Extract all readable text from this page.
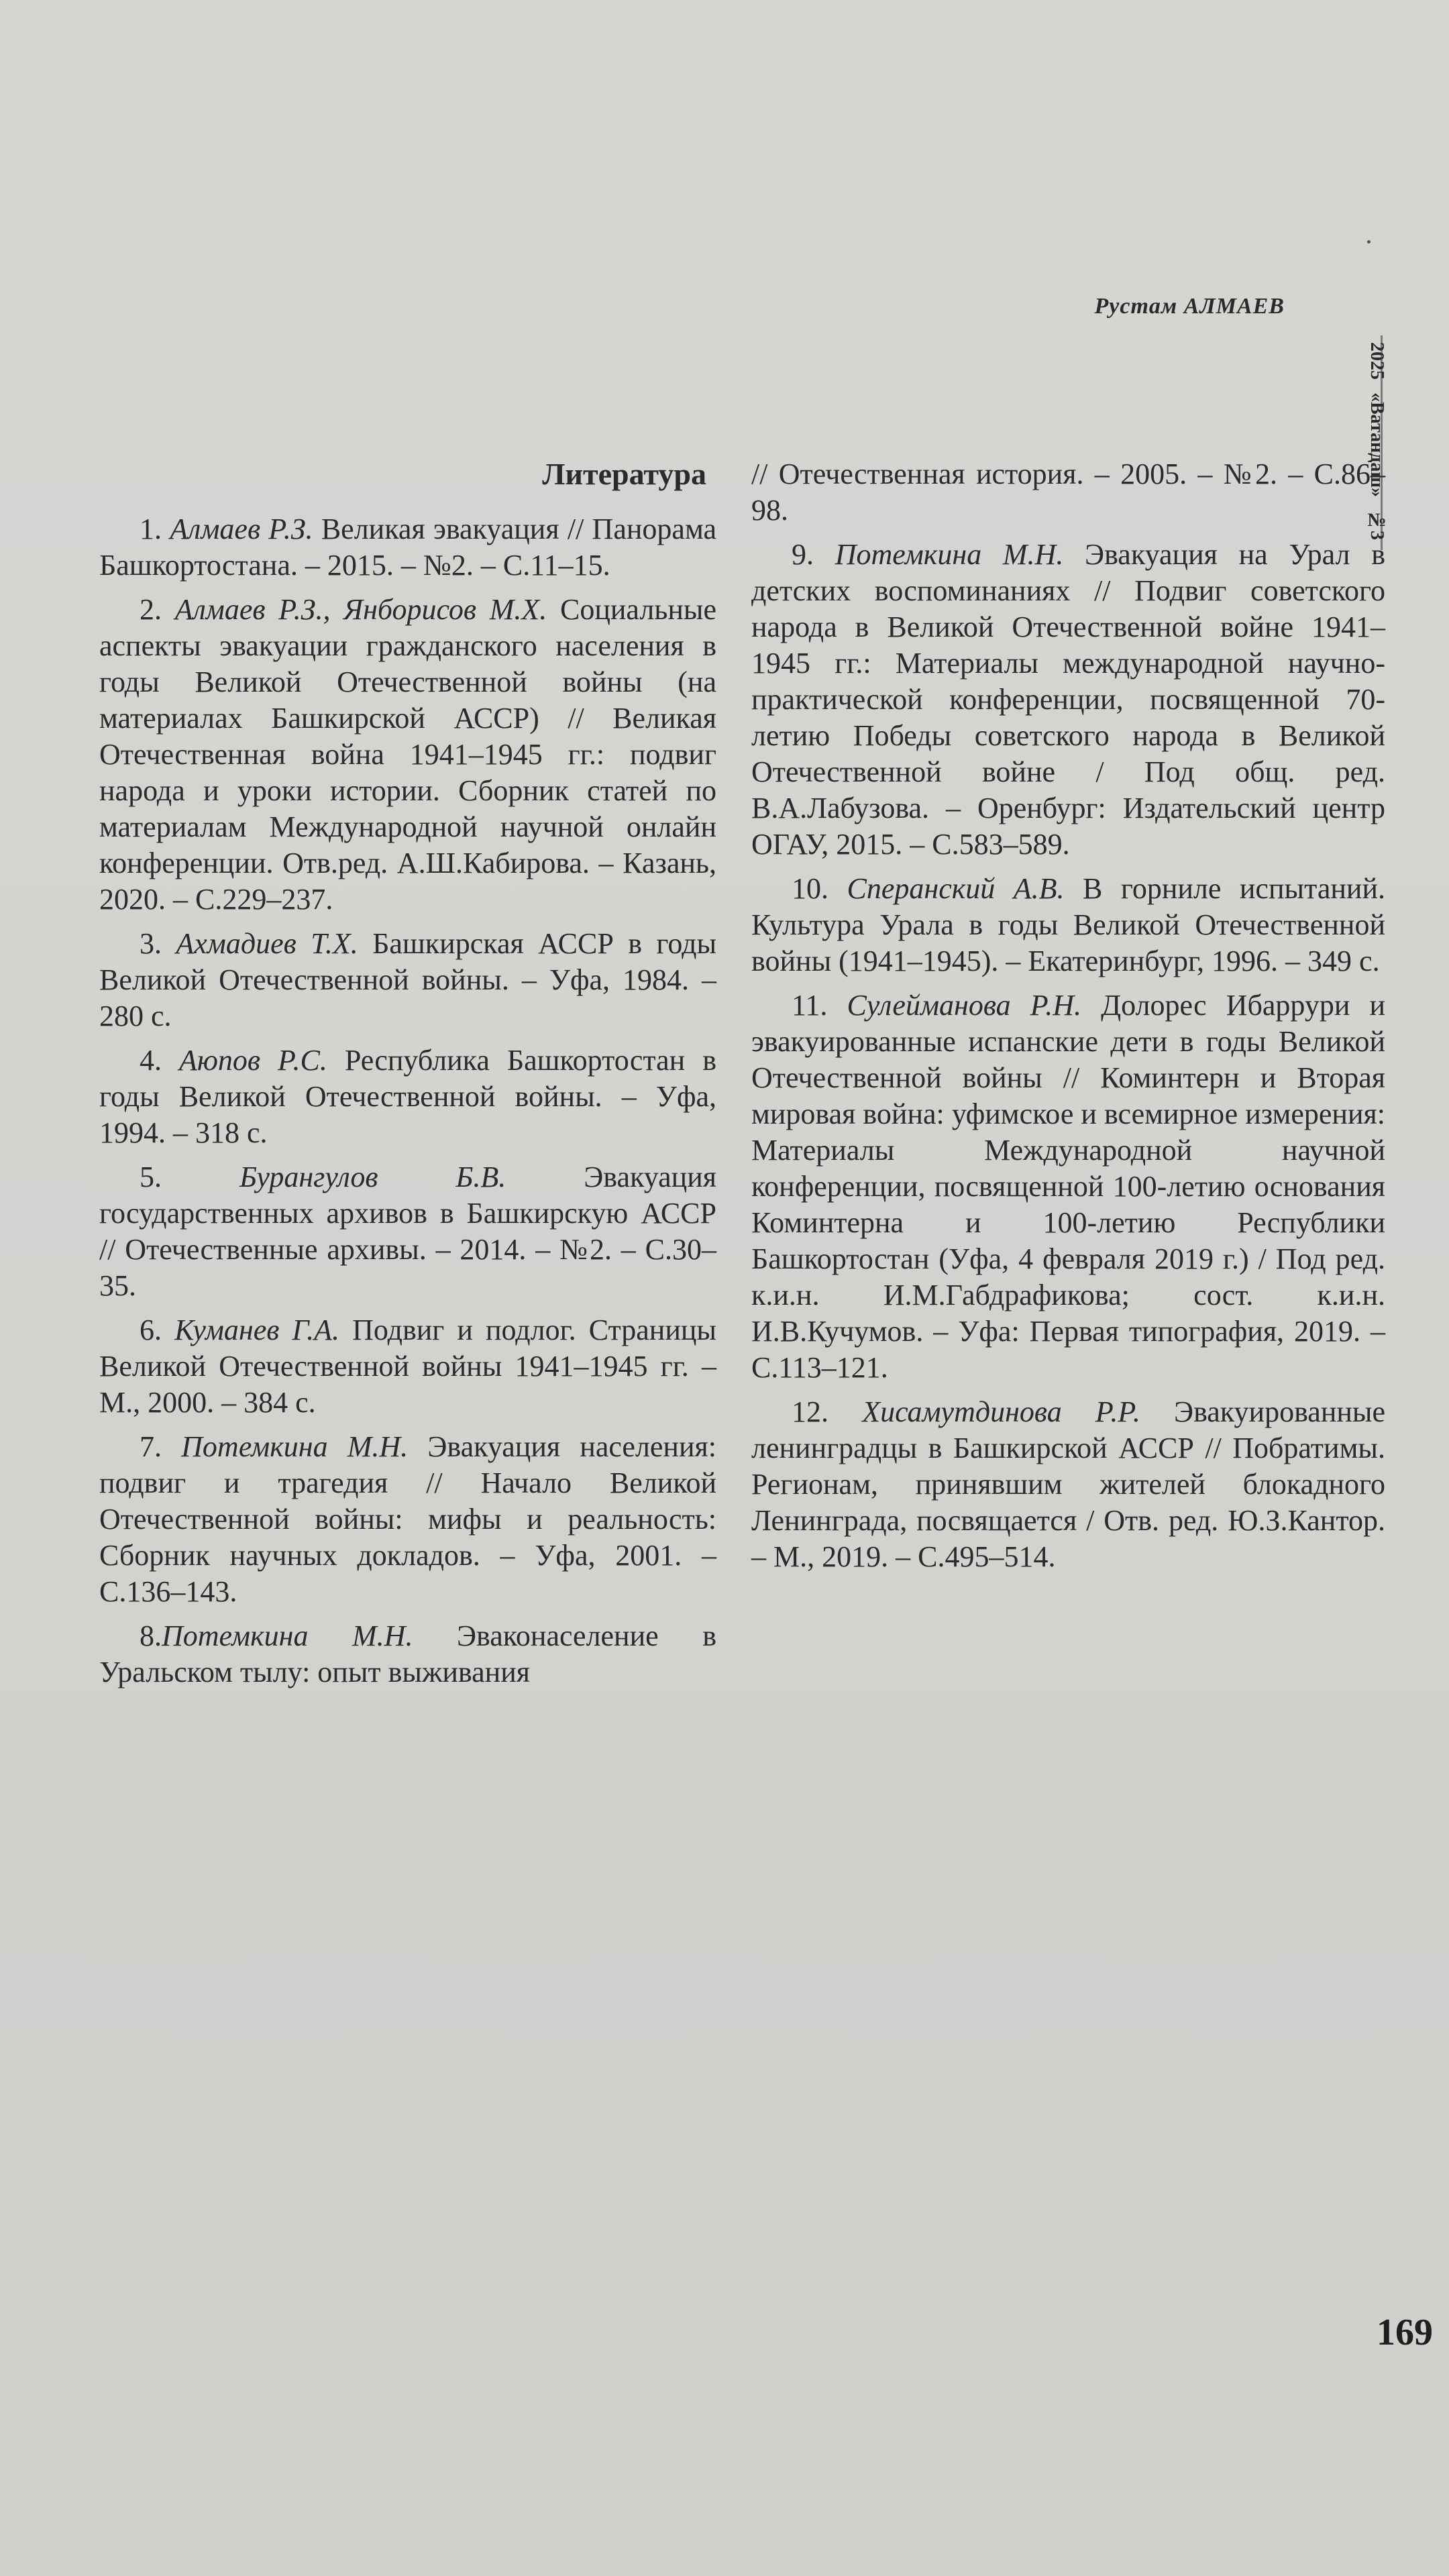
Рустам АЛМАЕВ
2025 «Ватандаш» №3
Литература

1. Алмаев Р.З. Великая эвакуация // Панорама Башкортостана. – 2015. – №2. – С.11–15.

2. Алмаев Р.З., Янборисов М.Х. Социальные аспекты эвакуации гражданского населения в годы Великой Отечественной войны (на материалах Башкирской АССР) // Великая Отечественная война 1941–1945 гг.: подвиг народа и уроки истории. Сборник статей по материалам Международной научной онлайн конференции. Отв.ред. А.Ш.Кабирова. – Казань, 2020. – С.229–237.

3. Ахмадиев Т.Х. Башкирская АССР в годы Великой Отечественной войны. – Уфа, 1984. – 280 с.

4. Аюпов Р.С. Республика Башкортостан в годы Великой Отечественной войны. – Уфа, 1994. – 318 с.

5. Бурангулов Б.В. Эвакуация государственных архивов в Башкирскую АССР // Отечественные архивы. – 2014. – №2. – С.30–35.

6. Куманев Г.А. Подвиг и подлог. Страницы Великой Отечественной войны 1941–1945 гг. – М., 2000. – 384 с.

7. Потемкина М.Н. Эвакуация населения: подвиг и трагедия // Начало Великой Отечественной войны: мифы и реальность: Сборник научных докладов. – Уфа, 2001. – С.136–143.

8.Потемкина М.Н. Эваконаселение в Уральском тылу: опыт выживания

// Отечественная история. – 2005. – №2. – С.86–98.

9. Потемкина М.Н. Эвакуация на Урал в детских воспоминаниях // Подвиг советского народа в Великой Отечественной войне 1941–1945 гг.: Материалы международной научно-практической конференции, посвященной 70-летию Победы советского народа в Великой Отечественной войне / Под общ. ред. В.А.Лабузова. – Оренбург: Издательский центр ОГАУ, 2015. – С.583–589.

10. Сперанский А.В. В горниле испытаний. Культура Урала в годы Великой Отечественной войны (1941–1945). – Екатеринбург, 1996. – 349 с.

11. Сулейманова Р.Н. Долорес Ибаррури и эвакуированные испанские дети в годы Великой Отечественной войны // Коминтерн и Вторая мировая война: уфимское и всемирное измерения: Материалы Международной научной конференции, посвященной 100-летию основания Коминтерна и 100-летию Республики Башкортостан (Уфа, 4 февраля 2019 г.) / Под ред. к.и.н. И.М.Габдрафикова; сост. к.и.н. И.В.Кучумов. – Уфа: Первая типография, 2019. – С.113–121.

12. Хисамутдинова Р.Р. Эвакуированные ленинградцы в Башкирской АССР // Побратимы. Регионам, принявшим жителей блокадного Ленинграда, посвящается / Отв. ред. Ю.З.Кантор. – М., 2019. – С.495–514.

169
